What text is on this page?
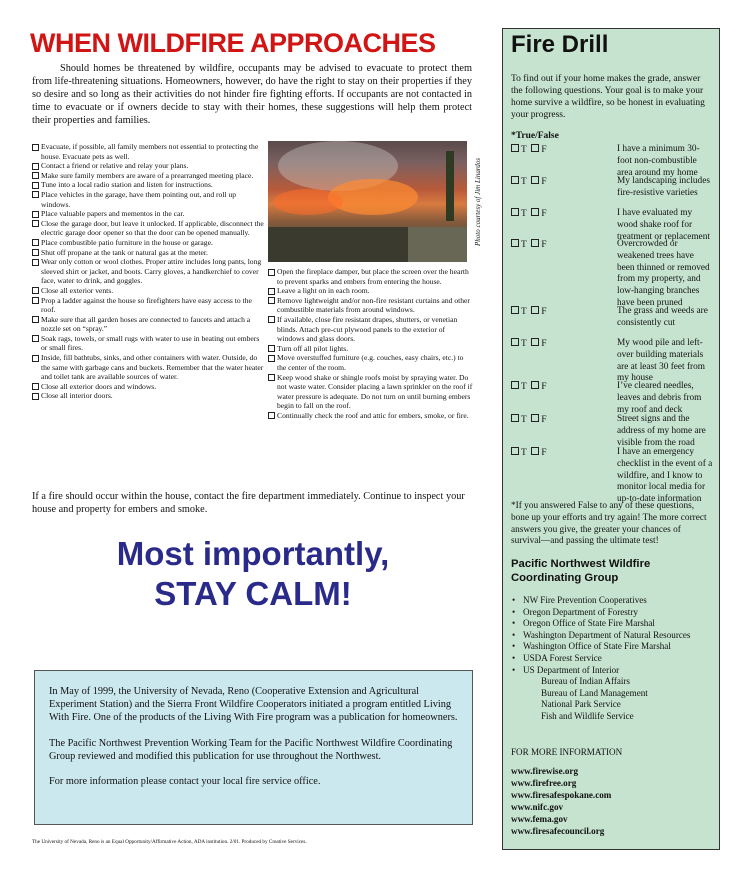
WHEN WILDFIRE APPROACHES

Should homes be threatened by wildfire, occupants may be advised to evacuate to protect them from life-threatening situations. Homeowners, however, do have the right to stay on their properties if they so desire and so long as their activities do not hinder fire fighting efforts. If occupants are not contacted in time to evacuate or if owners decide to stay with their homes, these suggestions will help them protect their properties and families.

Evacuate, if possible, all family members not essential to protecting the house. Evacuate pets as well.
Contact a friend or relative and relay your plans.
Make sure family members are aware of a prearranged meeting place.
Tune into a local radio station and listen for instructions.
Place vehicles in the garage, have them pointing out, and roll up windows.
Place valuable papers and mementos in the car.
Close the garage door, but leave it unlocked. If applicable, disconnect the electric garage door opener so that the door can be opened manually.
Place combustible patio furniture in the house or garage.
Shut off propane at the tank or natural gas at the meter.
Wear only cotton or wool clothes. Proper attire includes long pants, long sleeved shirt or jacket, and boots. Carry gloves, a handkerchief to cover face, water to drink, and goggles.
Close all exterior vents.
Prop a ladder against the house so firefighters have easy access to the roof.
Make sure that all garden hoses are connected to faucets and attach a nozzle set on “spray.”
Soak rags, towels, or small rugs with water to use in beating out embers or small fires.
Inside, fill bathtubs, sinks, and other containers with water. Outside, do the same with garbage cans and buckets. Remember that the water heater and toilet tank are available sources of water.
Close all exterior doors and windows.
Close all interior doors.
Photo courtesy of Jim Linardos
Open the fireplace damper, but place the screen over the hearth to prevent sparks and embers from entering the house.
Leave a light on in each room.
Remove lightweight and/or non-fire resistant curtains and other combustible materials from around windows.
If available, close fire resistant drapes, shutters, or venetian blinds. Attach pre-cut plywood panels to the exterior of windows and glass doors.
Turn off all pilot lights.
Move overstuffed furniture (e.g. couches, easy chairs, etc.) to the center of the room.
Keep wood shake or shingle roofs moist by spraying water. Do not waste water. Consider placing a lawn sprinkler on the roof if water pressure is adequate. Do not turn on until burning embers begin to fall on the roof.
Continually check the roof and attic for embers, smoke, or fire.

If a fire should occur within the house, contact the fire department immediately. Continue to inspect your house and property for embers and smoke.

Most importantly,
STAY CALM!

In May of 1999, the University of Nevada, Reno (Cooperative Extension and Agricultural Experiment Station) and the Sierra Front Wildfire Cooperators initiated a program entitled Living With Fire. One of the products of the Living With Fire program was a publication for homeowners.

The Pacific Northwest Prevention Working Team for the Pacific Northwest Wildfire Coordinating Group reviewed and modified this publication for use throughout the Northwest.

For more information please contact your local fire service office.

The University of Nevada, Reno is an Equal Opportunity/Affirmative Action, ADA institution. 2/01. Produced by Creative Services.
Fire Drill

To find out if your home makes the grade, answer the following questions. Your goal is to make your home survive a wildfire, so be honest in evaluating your progress.

*True/False
T F	I have a minimum 30-foot non-combustible area around my home
T F	My landscaping includes fire-resistive varieties
T F	I have evaluated my wood shake roof for treatment or replacement
T F	Overcrowded or weakened trees have been thinned or removed from my property, and low-hanging branches have been pruned
T F	The grass and weeds are consistently cut
T F	My wood pile and left-over building materials are at least 30 feet from my house
T F	I’ve cleared needles, leaves and debris from my roof and deck
T F	Street signs and the address of my home are visible from the road
T F	I have an emergency checklist in the event of a wildfire, and I know to monitor local media for up-to-date information

*If you answered False to any of these questions, bone up your efforts and try again! The more correct answers you give, the greater your chances of survival—and passing the ultimate test!

Pacific Northwest Wildfire Coordinating Group
• NW Fire Prevention Cooperatives
• Oregon Department of Forestry
• Oregon Office of State Fire Marshal
• Washington Department of Natural Resources
• Washington Office of State Fire Marshal
• USDA Forest Service
• US Department of Interior
Bureau of Indian Affairs
Bureau of Land Management
National Park Service
Fish and Wildlife Service
FOR MORE INFORMATION
www.firewise.org
www.firefree.org
www.firesafespokane.com
www.nifc.gov
www.fema.gov
www.firesafecouncil.org
